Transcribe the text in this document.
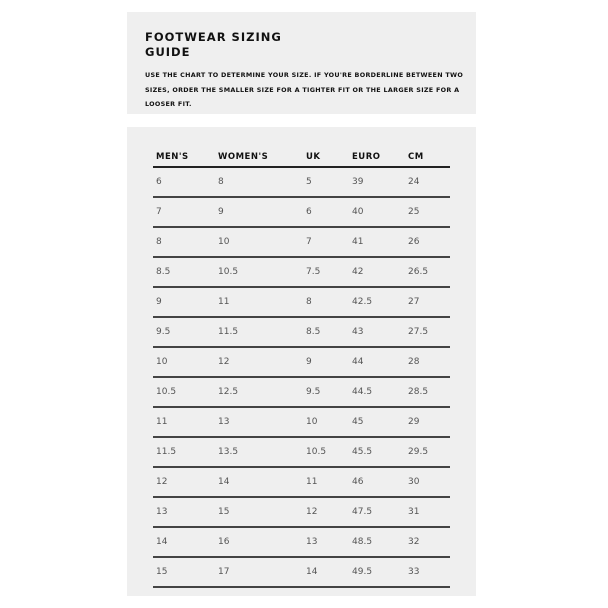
FOOTWEAR SIZING GUIDE

USE THE CHART TO DETERMINE YOUR SIZE. IF YOU'RE BORDERLINE BETWEEN TWO SIZES, ORDER THE SMALLER SIZE FOR A TIGHTER FIT OR THE LARGER SIZE FOR A LOOSER FIT.

MEN'S	WOMEN'S	UK	EURO	CM
6	8	5	39	24
7	9	6	40	25
8	10	7	41	26
8.5	10.5	7.5	42	26.5
9	11	8	42.5	27
9.5	11.5	8.5	43	27.5
10	12	9	44	28
10.5	12.5	9.5	44.5	28.5
11	13	10	45	29
11.5	13.5	10.5	45.5	29.5
12	14	11	46	30
13	15	12	47.5	31
14	16	13	48.5	32
15	17	14	49.5	33
